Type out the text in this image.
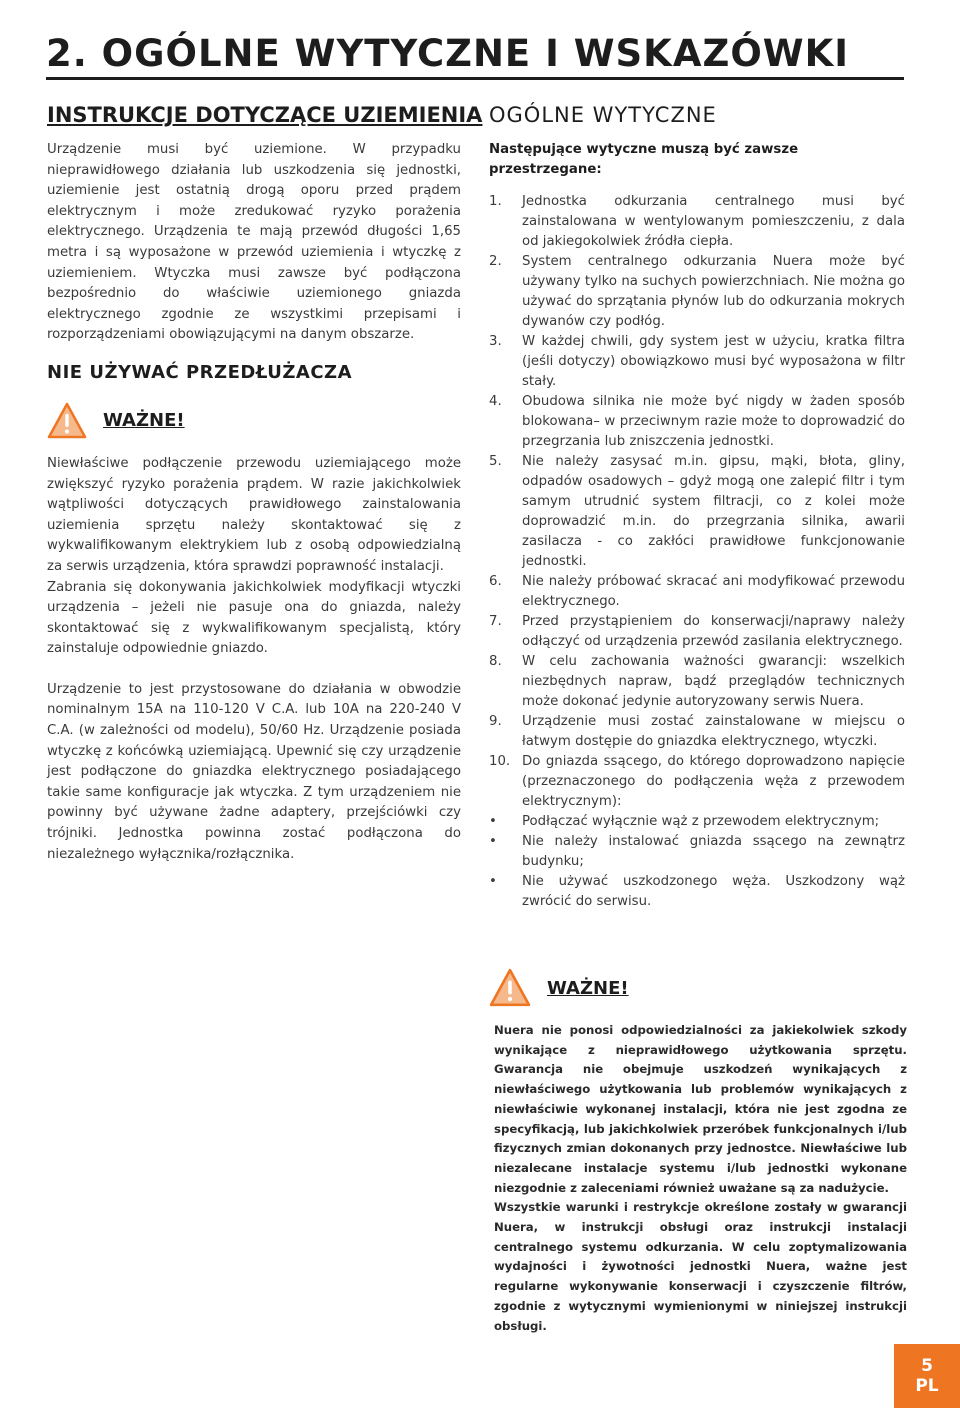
2. OGÓLNE WYTYCZNE I WSKAZÓWKI
INSTRUKCJE DOTYCZĄCE UZIEMIENIA

Urządzenie musi być uziemione. W przypadku nieprawidłowego działania lub uszkodzenia się jednostki, uziemienie jest ostatnią drogą oporu przed prądem elektrycznym i może zredukować ryzyko porażenia elektrycznego. Urządzenia te mają przewód długości 1,65 metra i są wyposażone w przewód uziemienia i wtyczkę z uziemieniem. Wtyczka musi zawsze być podłączona bezpośrednio do właściwie uziemionego gniazda elektrycznego zgodnie ze wszystkimi przepisami i rozporządzeniami obowiązującymi na danym obszarze.

NIE UŻYWAĆ PRZEDŁUŻACZA
WAŻNE!

Niewłaściwe podłączenie przewodu uziemiającego może zwiększyć ryzyko porażenia prądem. W razie jakichkolwiek wątpliwości dotyczących prawidłowego zainstalowania uziemienia sprzętu należy skontaktować się z wykwalifikowanym elektrykiem lub z osobą odpowiedzialną za serwis urządzenia, która sprawdzi poprawność instalacji.

Zabrania się dokonywania jakichkolwiek modyfikacji wtyczki urządzenia – jeżeli nie pasuje ona do gniazda, należy skontaktować się z wykwalifikowanym specjalistą, który zainstaluje odpowiednie gniazdo.

Urządzenie to jest przystosowane do działania w obwodzie nominalnym 15A na 110-120 V C.A. lub 10A na 220-240 V C.A. (w zależności od modelu), 50/60 Hz. Urządzenie posiada wtyczkę z końcówką uziemiającą. Upewnić się czy urządzenie jest podłączone do gniazdka elektrycznego posiadającego takie same konfiguracje jak wtyczka. Z tym urządzeniem nie powinny być używane żadne adaptery, przejściówki czy trójniki. Jednostka powinna zostać podłączona do niezależnego wyłącznika/rozłącznika.

OGÓLNE WYTYCZNE

Następujące wytyczne muszą być zawsze przestrzegane:

1.	Jednostka odkurzania centralnego musi być zainstalowana w wentylowanym pomieszczeniu, z dala od jakiegokolwiek źródła ciepła.
2.	System centralnego odkurzania Nuera może być używany tylko na suchych powierzchniach. Nie można go używać do sprzątania płynów lub do odkurzania mokrych dywanów czy podłóg.
3.	W każdej chwili, gdy system jest w użyciu, kratka filtra (jeśli dotyczy) obowiązkowo musi być wyposażona w filtr stały.
4.	Obudowa silnika nie może być nigdy w żaden sposób blokowana– w przeciwnym razie może to doprowadzić do przegrzania lub zniszczenia jednostki.
5.	Nie należy zasysać m.in. gipsu, mąki, błota, gliny, odpadów osadowych – gdyż mogą one zalepić filtr i tym samym utrudnić system filtracji, co z kolei może doprowadzić m.in. do przegrzania silnika, awarii zasilacza - co zakłóci prawidłowe funkcjonowanie jednostki.
6.	Nie należy próbować skracać ani modyfikować przewodu elektrycznego.
7.	Przed przystąpieniem do konserwacji/naprawy należy odłączyć od urządzenia przewód zasilania elektrycznego.
8.	W celu zachowania ważności gwarancji: wszelkich niezbędnych napraw, bądź przeglądów technicznych może dokonać jedynie autoryzowany serwis Nuera.
9.	Urządzenie musi zostać zainstalowane w miejscu o łatwym dostępie do gniazdka elektrycznego, wtyczki.
10. Do gniazda ssącego, do którego doprowadzono napięcie (przeznaczonego do podłączenia węża z przewodem elektrycznym):
•	Podłączać wyłącznie wąż z przewodem elektrycznym;
•	Nie należy instalować gniazda ssącego na zewnątrz budynku;
•	Nie używać uszkodzonego węża. Uszkodzony wąż zwrócić do serwisu.
WAŻNE!

Nuera nie ponosi odpowiedzialności za jakiekolwiek szkody wynikające z nieprawidłowego użytkowania sprzętu. Gwarancja nie obejmuje uszkodzeń wynikających z niewłaściwego użytkowania lub problemów wynikających z niewłaściwie wykonanej instalacji, która nie jest zgodna ze specyfikacją, lub jakichkolwiek przeróbek funkcjonalnych i/lub fizycznych zmian dokonanych przy jednostce. Niewłaściwe lub niezalecane instalacje systemu i/lub jednostki wykonane niezgodnie z zaleceniami również uważane są za nadużycie.

Wszystkie warunki i restrykcje określone zostały w gwarancji Nuera, w instrukcji obsługi oraz instrukcji instalacji centralnego systemu odkurzania. W celu zoptymalizowania wydajności i żywotności jednostki Nuera, ważne jest regularne wykonywanie konserwacji i czyszczenie filtrów, zgodnie z wytycznymi wymienionymi w niniejszej instrukcji obsługi.

5
PL
